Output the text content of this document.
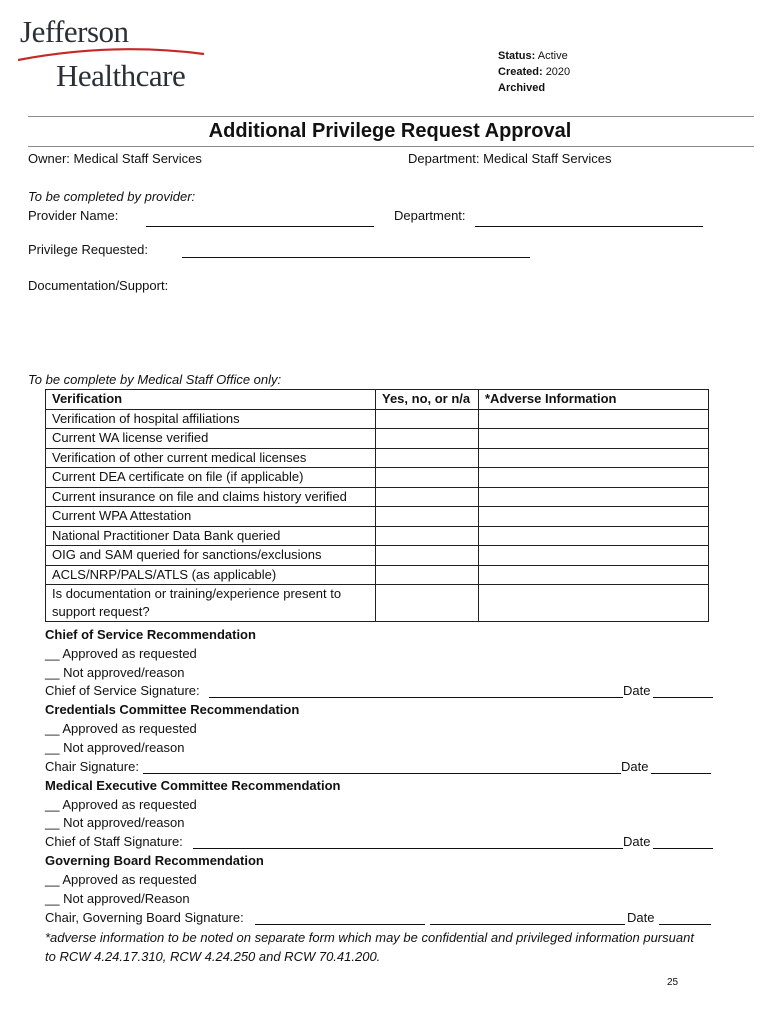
Jefferson
Healthcare
Status: Active
Created: 2020
Archived
Additional Privilege Request Approval
Owner: Medical Staff Services	Department: Medical Staff Services
To be completed by provider:
Provider Name:	Department:
Privilege Requested:
Documentation/Support:
To be complete by Medical Staff Office only:
Verification	Yes, no, or n/a	*Adverse Information
Verification of hospital affiliations		
Current WA license verified		
Verification of other current medical licenses		
Current DEA certificate on file (if applicable)		
Current insurance on file and claims history verified		
Current WPA Attestation		
National Practitioner Data Bank queried		
OIG and SAM queried for sanctions/exclusions		
ACLS/NRP/PALS/ATLS (as applicable)		

Is documentation or training/experience present to
support request?		

Chief of Service Recommendation
__ Approved as requested
__ Not approved/reason
Chief of Service Signature:	Date
Credentials Committee Recommendation
__ Approved as requested
__ Not approved/reason
Chair Signature:	Date
Medical Executive Committee Recommendation
__ Approved as requested
__ Not approved/reason
Chief of Staff Signature:	Date
Governing Board Recommendation
__ Approved as requested
__ Not approved/Reason
Chair, Governing Board Signature:	Date
*adverse information to be noted on separate form which may be confidential and privileged information pursuant
to RCW 4.24.17.310, RCW 4.24.250 and RCW 70.41.200.
25
